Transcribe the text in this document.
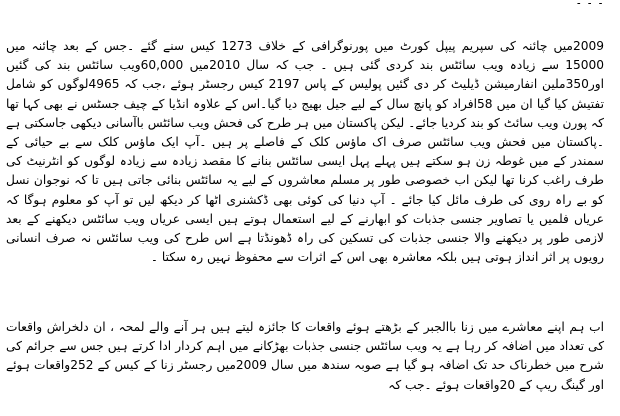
۔ ۔ ۔

2009میں چائنہ کی سپریم پیپل کورٹ میں پورنوگرافی کے خلاف 1273 کیس سنے گئے ۔جس کے بعد چائنہ میں 15000 سے زیادہ ویب سائٹس بند کردی گئی ہیں ۔ جب کہ سال 2010میں 60,000ویب سائٹس بند کی گئیں اور350ملین انفارمیشن ڈیلیٹ کر دی گئیں پولیس کے پاس 2197 کیس رجسٹر ہوئے ،جب کہ 4965لوگوں کو شامل تفتیش کیا گیا ان میں 58افراد کو پانچ سال کے لیے جیل بھیج دیا گیا۔اس کے علاوہ انڈیا کے چیف جسٹس نے بھی کہا تھا کہ پورن ویب سائٹ کو بند کردیا جائے۔ لیکن پاکستان میں ہر طرح کی فحش ویب سائٹس باآسانی دیکھی جاسکتی ہے ۔پاکستان میں فحش ویب سائٹس صرف اک ماؤس کلک کے فاصلے پر ہیں ۔آپ ایک ماؤس کلک سے بے حیائی کے سمندر کے میں غوطہ زن ہو سکتے ہیں پہلے پہل ایسی سائٹس بنانے کا مقصد زیادہ سے زیادہ لوگوں کو انٹرنیٹ کی طرف راغب کرنا تھا لیکن اب خصوصی طور پر مسلم معاشروں کے لیے یہ سائٹس بنائی جاتی ہیں تا کہ نوجوان نسل کو بے راہ روی کی طرف مائل کیا جائے ۔ آپ دنیا کی کوئی بھی ڈکشنری اٹھا کر دیکھ لیں تو آپ کو معلوم ہوگا کہ عریاں فلمیں یا تصاویر جنسی جذبات کو ابھارنے کے لیے استعمال ہوتے ہیں ایسی عریاں ویب سائٹس دیکھنے کے بعد لازمی طور پر دیکھنے والا جنسی جذبات کی تسکین کی راہ ڈھونڈتا ہے اس طرح کی ویب سائٹس نہ صرف انسانی رویوں پر اثر انداز ہوتی ہیں بلکہ معاشرہ بھی اس کے اثرات سے محفوظ نہیں رہ سکتا ۔

اب ہم اپنے معاشرے میں زنا باالجبر کے بڑھتے ہوئے واقعات کا جائزہ لیتے ہیں ہر آنے والے لمحہ ، ان دلخراش واقعات کی تعداد میں اضافہ کر رہا ہے یہ ویب سائٹس جنسی جذبات بھڑکانے میں اہم کردار ادا کرتے ہیں جس سے جرائم کی شرح میں خطرناک حد تک اضافہ ہو گیا ہے صوبہ سندھ میں سال 2009میں رجسٹر زنا کے کیس کے 252واقعات ہوئے اور گینگ ریپ کے 20واقعات ہوئے ۔جب کہ
